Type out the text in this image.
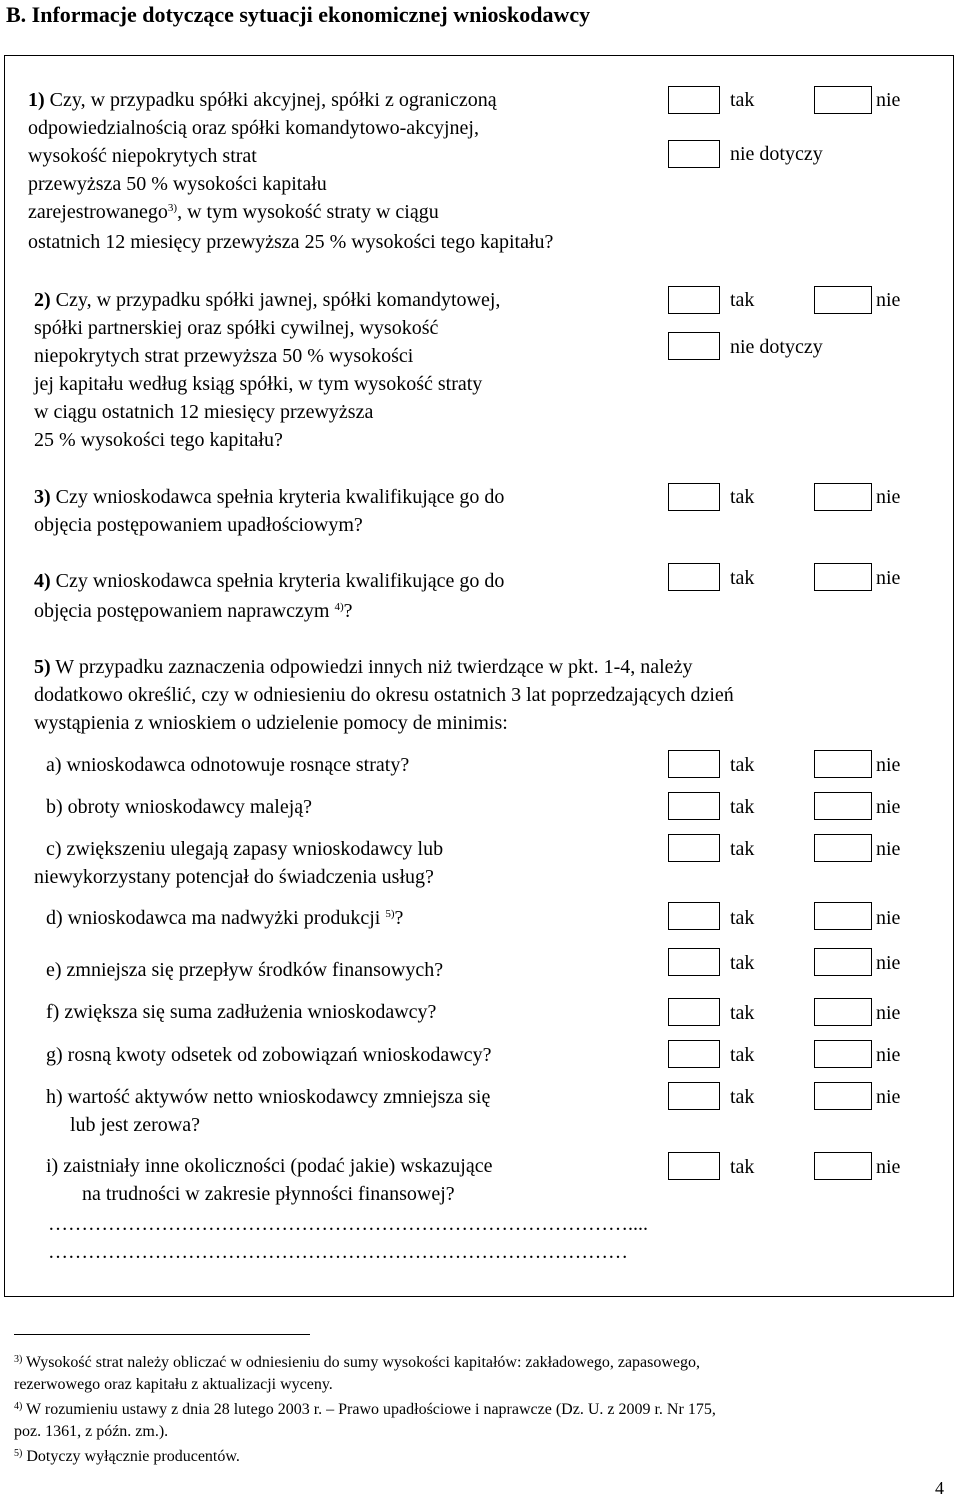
B. Informacje dotyczące sytuacji ekonomicznej wnioskodawcy
1) Czy, w przypadku spółki akcyjnej, spółki z ograniczoną
odpowiedzialnością oraz spółki komandytowo-akcyjnej,
wysokość niepokrytych strat
przewyższa 50 % wysokości kapitału
zarejestrowanego$^{3)}$, w tym wysokość straty w ciągu
ostatnich 12 miesięcy przewyższa 25 % wysokości tego kapitału?
tak	nie
nie dotyczy
2) Czy, w przypadku spółki jawnej, spółki komandytowej,
spółki partnerskiej oraz spółki cywilnej, wysokość
niepokrytych strat przewyższa 50 % wysokości
jej kapitału według ksiąg spółki, w tym wysokość straty
w ciągu ostatnich 12 miesięcy przewyższa
25 % wysokości tego kapitału?
tak	nie
nie dotyczy
3) Czy wnioskodawca spełnia kryteria kwalifikujące go do
objęcia postępowaniem upadłościowym?
tak	nie
4) Czy wnioskodawca spełnia kryteria kwalifikujące go do
objęcia postępowaniem naprawczym $^{4)}$?
tak	nie
5) W przypadku zaznaczenia odpowiedzi innych niż twierdzące w pkt. 1-4, należy
dodatkowo określić, czy w odniesieniu do okresu ostatnich 3 lat poprzedzających dzień
wystąpienia z wnioskiem o udzielenie pomocy de minimis:
a) wnioskodawca odnotowuje rosnące straty?	tak	nie
b) obroty wnioskodawcy maleją?	tak	nie
c) zwiększeniu ulegają zapasy wnioskodawcy lub
niewykorzystany potencjał do świadczenia usług?
tak	nie
d) wnioskodawca ma nadwyżki produkcji $^{5)}$?	tak	nie
e) zmniejsza się przepływ środków finansowych?	tak	nie
f) zwiększa się suma zadłużenia wnioskodawcy?	tak	nie
g) rosną kwoty odsetek od zobowiązań wnioskodawcy?	tak	nie
h) wartość aktywów netto wnioskodawcy zmniejsza się
lub jest zerowa?
tak	nie
i) zaistniały inne okoliczności (podać jakie) wskazujące
na trudności w zakresie płynności finansowej?
tak	nie
……………………………………………………………………………....
……………………………………………………………………………
$^{3)}$ Wysokość strat należy obliczać w odniesieniu do sumy wysokości kapitałów: zakładowego, zapasowego,
rezerwowego oraz kapitału z aktualizacji wyceny.
$^{4)}$ W rozumieniu ustawy z dnia 28 lutego 2003 r. – Prawo upadłościowe i naprawcze (Dz. U. z 2009 r. Nr 175,
poz. 1361, z późn. zm.).
$^{5)}$ Dotyczy wyłącznie producentów.
4
